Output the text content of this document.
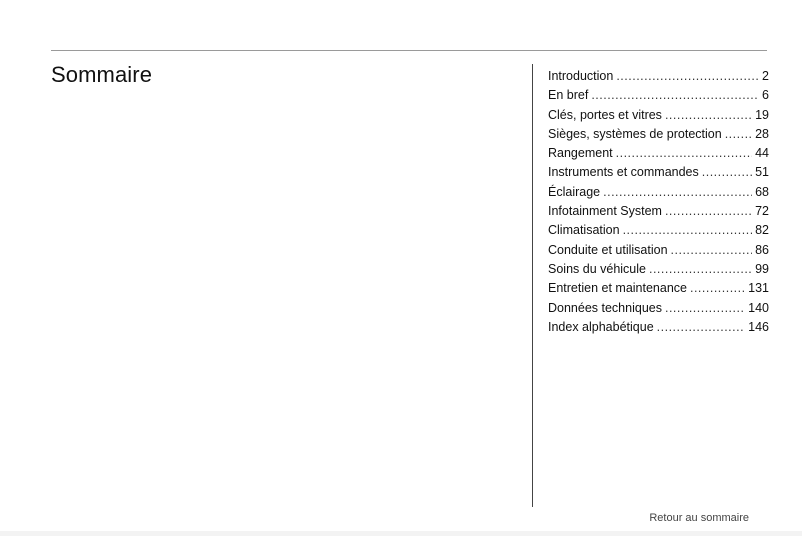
Sommaire	Introduction .....	2
En bref .....	6
Clés, portes et vitres .....	19
Sièges, systèmes de protection .....	28
Rangement .....	44
Instruments et commandes .....	51
Éclairage .....	68
Infotainment System .....	72
Climatisation .....	82
Conduite et utilisation .....	86
Soins du véhicule .....	99
Entretien et maintenance .....	131
Données techniques .....	140
Index alphabétique .....	146
Retour au sommaire
